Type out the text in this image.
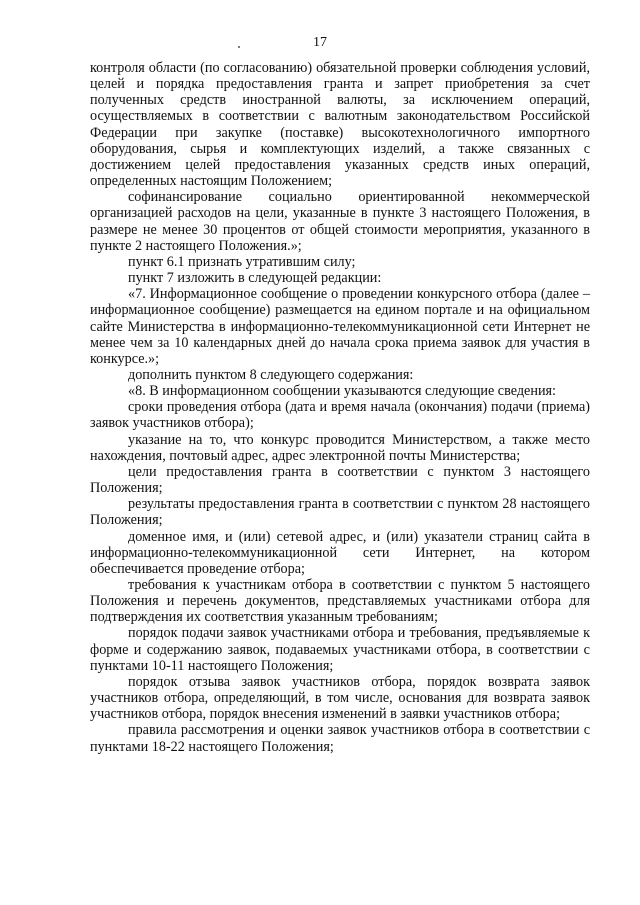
17

контроля области (по согласованию) обязательной проверки соблюдения условий, целей и порядка предоставления гранта и запрет приобретения за счет полученных средств иностранной валюты, за исключением операций, осуществляемых в соответствии с валютным законодательством Российской Федерации при закупке (поставке) высокотехнологичного импортного оборудования, сырья и комплектующих изделий, а также связанных с достижением целей предоставления указанных средств иных операций, определенных настоящим Положением;

софинансирование социально ориентированной некоммерческой организацией расходов на цели, указанные в пункте 3 настоящего Положения, в размере не менее 30 процентов от общей стоимости мероприятия, указанного в пункте 2 настоящего Положения.»;

пункт 6.1 признать утратившим силу;

пункт 7 изложить в следующей редакции:

«7. Информационное сообщение о проведении конкурсного отбора (далее – информационное сообщение) размещается на едином портале и на официальном сайте Министерства в информационно-телекоммуникационной сети Интернет не менее чем за 10 календарных дней до начала срока приема заявок для участия в конкурсе.»;

дополнить пунктом 8 следующего содержания:

«8. В информационном сообщении указываются следующие сведения:

сроки проведения отбора (дата и время начала (окончания) подачи (приема) заявок участников отбора);

указание на то, что конкурс проводится Министерством, а также место нахождения, почтовый адрес, адрес электронной почты Министерства;

цели предоставления гранта в соответствии с пунктом 3 настоящего Положения;

результаты предоставления гранта в соответствии с пунктом 28 настоящего Положения;

доменное имя, и (или) сетевой адрес, и (или) указатели страниц сайта в информационно-телекоммуникационной сети Интернет, на котором обеспечивается проведение отбора;

требования к участникам отбора в соответствии с пунктом 5 настоящего Положения и перечень документов, представляемых участниками отбора для подтверждения их соответствия указанным требованиям;

порядок подачи заявок участниками отбора и требования, предъявляемые к форме и содержанию заявок, подаваемых участниками отбора, в соответствии с пунктами 10-11 настоящего Положения;

порядок отзыва заявок участников отбора, порядок возврата заявок участников отбора, определяющий, в том числе, основания для возврата заявок участников отбора, порядок внесения изменений в заявки участников отбора;

правила рассмотрения и оценки заявок участников отбора в соответствии с пунктами 18-22 настоящего Положения;
